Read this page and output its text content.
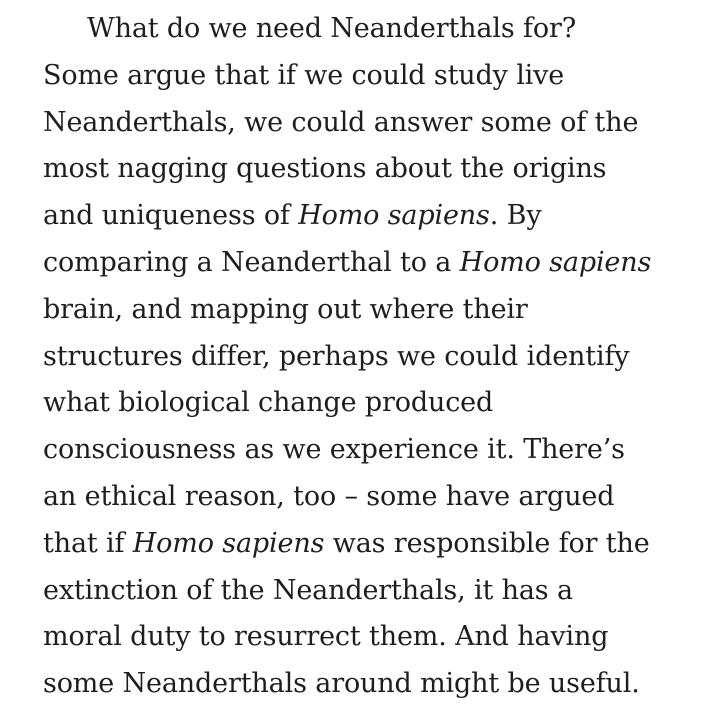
What do we need Neanderthals for?
Some argue that if we could study live
Neanderthals, we could answer some of the
most nagging questions about the origins
and uniqueness of Homo sapiens. By
comparing a Neanderthal to a Homo sapiens
brain, and mapping out where their
structures differ, perhaps we could identify
what biological change produced
consciousness as we experience it. There’s
an ethical reason, too – some have argued
that if Homo sapiens was responsible for the
extinction of the Neanderthals, it has a
moral duty to resurrect them. And having
some Neanderthals around might be useful.
